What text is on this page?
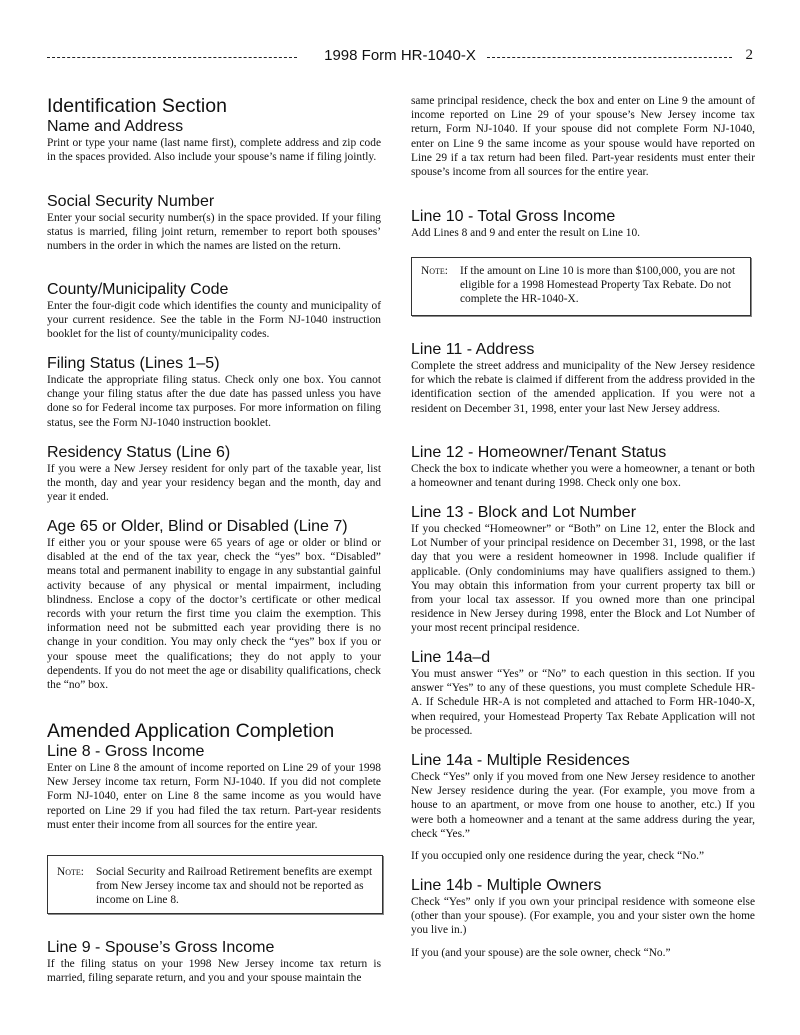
1998 Form HR-1040-X	2
Identification Section
Name and Address

Print or type your name (last name first), complete address and zip code in the spaces provided. Also include your spouse’s name if filing jointly.

Social Security Number

Enter your social security number(s) in the space provided. If your filing status is married, filing joint return, remember to report both spouses’ numbers in the order in which the names are listed on the return.

County/Municipality Code

Enter the four-digit code which identifies the county and municipality of your current residence. See the table in the Form NJ-1040 instruction booklet for the list of county/municipality codes.

Filing Status (Lines 1–5)

Indicate the appropriate filing status. Check only one box. You cannot change your filing status after the due date has passed unless you have done so for Federal income tax purposes. For more information on filing status, see the Form NJ-1040 instruction booklet.

Residency Status (Line 6)

If you were a New Jersey resident for only part of the taxable year, list the month, day and year your residency began and the month, day and year it ended.

Age 65 or Older, Blind or Disabled (Line 7)

If either you or your spouse were 65 years of age or older or blind or disabled at the end of the tax year, check the “yes” box. “Disabled” means total and permanent inability to engage in any substantial gainful activity because of any physical or mental impairment, including blindness. Enclose a copy of the doctor’s certificate or other medical records with your return the first time you claim the exemption. This information need not be submitted each year providing there is no change in your condition. You may only check the “yes” box if you or your spouse meet the qualifications; they do not apply to your dependents. If you do not meet the age or disability qualifications, check the “no” box.

Amended Application Completion
Line 8 - Gross Income

Enter on Line 8 the amount of income reported on Line 29 of your 1998 New Jersey income tax return, Form NJ-1040. If you did not complete Form NJ-1040, enter on Line 8 the same income as you would have reported on Line 29 if you had filed the tax return. Part-year residents must enter their income from all sources for the entire year.

Note: Social Security and Railroad Retirement benefits are exempt from New Jersey income tax and should not be reported as income on Line 8.
Line 9 - Spouse’s Gross Income

If the filing status on your 1998 New Jersey income tax return is married, filing separate return, and you and your spouse maintain the

same principal residence, check the box and enter on Line 9 the amount of income reported on Line 29 of your spouse’s New Jersey income tax return, Form NJ-1040. If your spouse did not complete Form NJ-1040, enter on Line 9 the same income as your spouse would have reported on Line 29 if a tax return had been filed. Part-year residents must enter their spouse’s income from all sources for the entire year.

Line 10 - Total Gross Income

Add Lines 8 and 9 and enter the result on Line 10.

Note: If the amount on Line 10 is more than $100,000, you are not eligible for a 1998 Homestead Property Tax Rebate. Do not complete the HR-1040-X.
Line 11 - Address

Complete the street address and municipality of the New Jersey residence for which the rebate is claimed if different from the address provided in the identification section of the amended application. If you were not a resident on December 31, 1998, enter your last New Jersey address.

Line 12 - Homeowner/Tenant Status

Check the box to indicate whether you were a homeowner, a tenant or both a homeowner and tenant during 1998. Check only one box.

Line 13 - Block and Lot Number

If you checked “Homeowner” or “Both” on Line 12, enter the Block and Lot Number of your principal residence on December 31, 1998, or the last day that you were a resident homeowner in 1998. Include qualifier if applicable. (Only condominiums may have qualifiers assigned to them.) You may obtain this information from your current property tax bill or from your local tax assessor. If you owned more than one principal residence in New Jersey during 1998, enter the Block and Lot Number of your most recent principal residence.

Line 14a–d

You must answer “Yes” or “No” to each question in this section. If you answer “Yes” to any of these questions, you must complete Schedule HR-A. If Schedule HR-A is not completed and attached to Form HR-1040-X, when required, your Homestead Property Tax Rebate Application will not be processed.

Line 14a - Multiple Residences

Check “Yes” only if you moved from one New Jersey residence to another New Jersey residence during the year. (For example, you move from a house to an apartment, or move from one house to another, etc.) If you were both a homeowner and a tenant at the same address during the year, check “Yes.”

If you occupied only one residence during the year, check “No.”

Line 14b - Multiple Owners

Check “Yes” only if you own your principal residence with someone else (other than your spouse). (For example, you and your sister own the home you live in.)

If you (and your spouse) are the sole owner, check “No.”
